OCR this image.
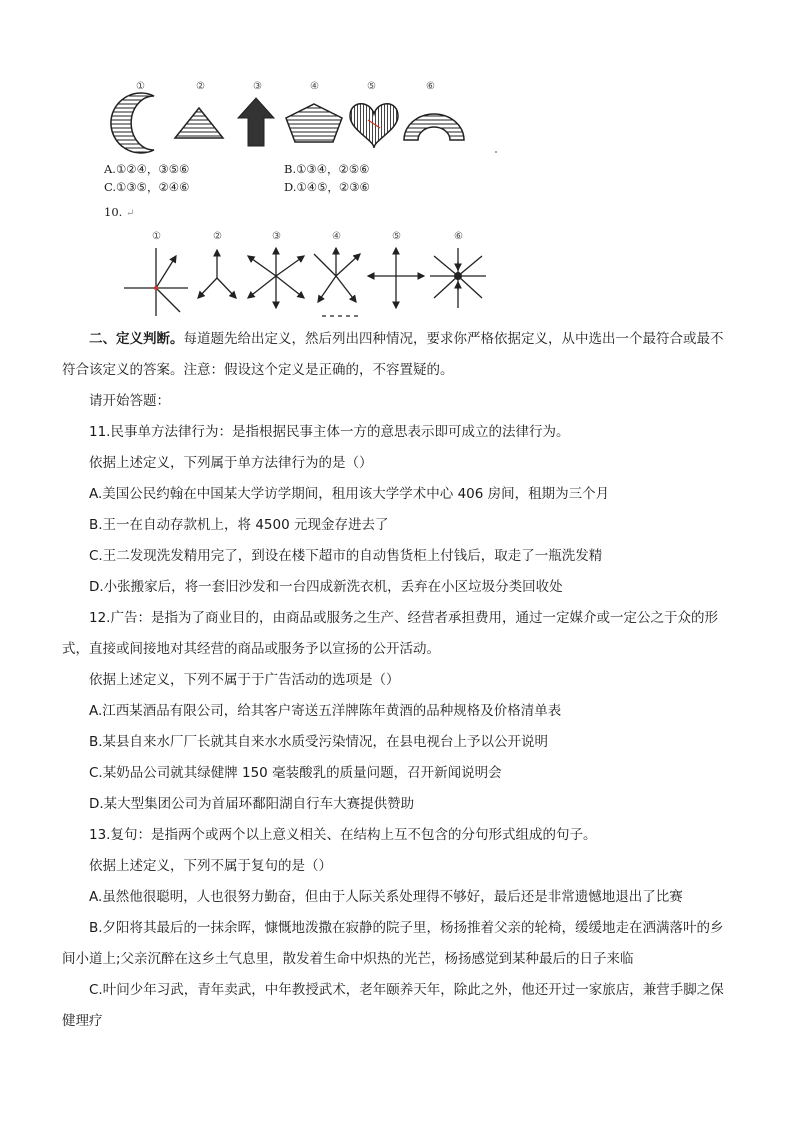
①	②	③	④	⑤	⑥
A.①②④，③⑤⑥	B.①③④，②⑤⑥
C.①③⑤，②④⑥	D.①④⑤，②③⑥
10. ↵
①	②	③	④	⑤	⑥

二、定义判断。每道题先给出定义，然后列出四种情况，要求你严格依据定义，从中选出一个最符合或最不符合该定义的答案。注意：假设这个定义是正确的，不容置疑的。

请开始答题：

11.民事单方法律行为：是指根据民事主体一方的意思表示即可成立的法律行为。

依据上述定义，下列属于单方法律行为的是（）

A.美国公民约翰在中国某大学访学期间，租用该大学学术中心 406 房间，租期为三个月

B.王一在自动存款机上，将 4500 元现金存进去了

C.王二发现洗发精用完了，到设在楼下超市的自动售货柜上付钱后，取走了一瓶洗发精

D.小张搬家后，将一套旧沙发和一台四成新洗衣机，丢弃在小区垃圾分类回收处

12.广告：是指为了商业目的，由商品或服务之生产、经营者承担费用，通过一定媒介或一定公之于众的形式，直接或间接地对其经营的商品或服务予以宣扬的公开活动。

依据上述定义，下列不属于于广告活动的选项是（）

A.江西某酒品有限公司，给其客户寄送五洋牌陈年黄酒的品种规格及价格清单表

B.某县自来水厂厂长就其自来水水质受污染情况，在县电视台上予以公开说明

C.某奶品公司就其绿健牌 150 毫装酸乳的质量问题，召开新闻说明会

D.某大型集团公司为首届环鄱阳湖自行车大赛提供赞助

13.复句：是指两个或两个以上意义相关、在结构上互不包含的分句形式组成的句子。

依据上述定义，下列不属于复句的是（）

A.虽然他很聪明，人也很努力勤奋，但由于人际关系处理得不够好，最后还是非常遗憾地退出了比赛

B.夕阳将其最后的一抹余晖，慷慨地泼撒在寂静的院子里，杨扬推着父亲的轮椅，缓缓地走在洒满落叶的乡间小道上;父亲沉醉在这乡土气息里，散发着生命中炽热的光芒，杨扬感觉到某种最后的日子来临

C.叶问少年习武，青年卖武，中年教授武术，老年颐养天年，除此之外，他还开过一家旅店，兼营手脚之保健理疗
